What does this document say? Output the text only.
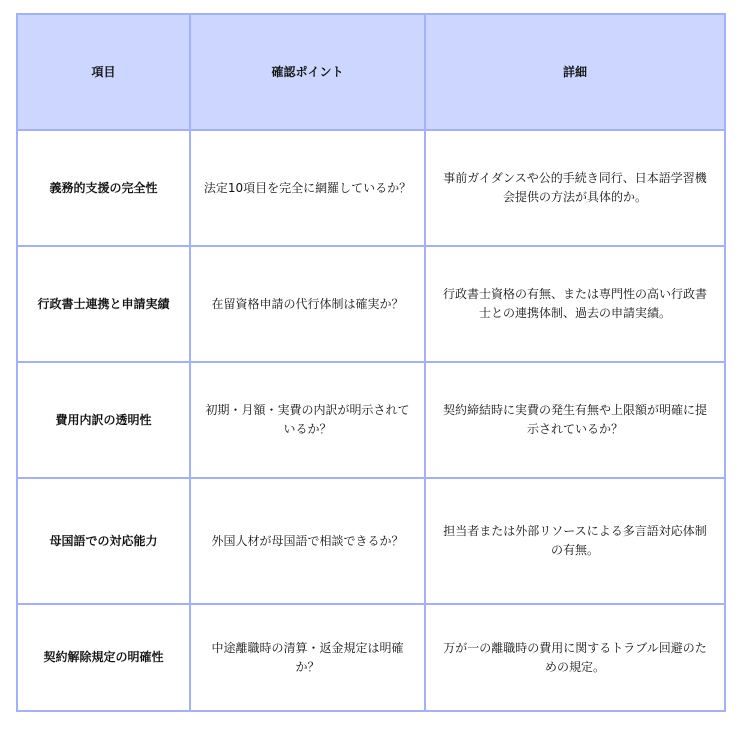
項目	確認ポイント	詳細
義務的支援の完全性	法定10項目を完全に網羅しているか？	事前ガイダンスや公的手続き同行、日本語学習機会提供の方法が具体的か。
行政書士連携と申請実績	在留資格申請の代行体制は確実か？	行政書士資格の有無、または専門性の高い行政書士との連携体制、過去の申請実績。
費用内訳の透明性	初期・月額・実費の内訳が明示されているか？	契約締結時に実費の発生有無や上限額が明確に提示されているか？
母国語での対応能力	外国人材が母国語で相談できるか？	担当者または外部リソースによる多言語対応体制の有無。
契約解除規定の明確性	中途離職時の清算・返金規定は明確か？	万が一の離職時の費用に関するトラブル回避のための規定。
